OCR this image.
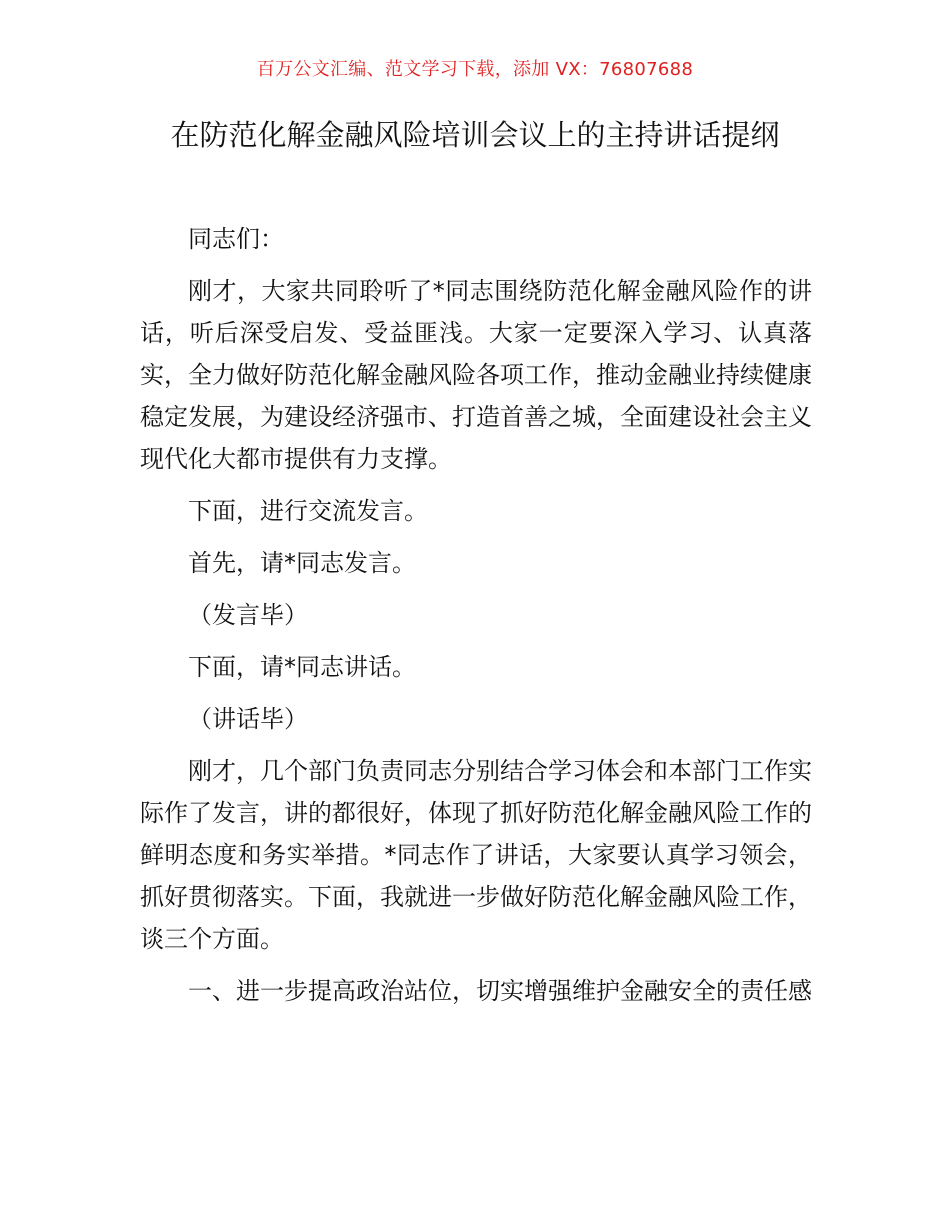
百万公文汇编、范文学习下载，添加 VX：76807688
在防范化解金融风险培训会议上的主持讲话提纲

同志们：

刚才，大家共同聆听了*同志围绕防范化解金融风险作的讲话，听后深受启发、受益匪浅。大家一定要深入学习、认真落实，全力做好防范化解金融风险各项工作，推动金融业持续健康稳定发展，为建设经济强市、打造首善之城，全面建设社会主义现代化大都市提供有力支撑。

下面，进行交流发言。

首先，请*同志发言。

（发言毕）

下面，请*同志讲话。

（讲话毕）

刚才，几个部门负责同志分别结合学习体会和本部门工作实际作了发言，讲的都很好，体现了抓好防范化解金融风险工作的鲜明态度和务实举措。*同志作了讲话，大家要认真学习领会，抓好贯彻落实。下面，我就进一步做好防范化解金融风险工作，谈三个方面。

一、进一步提高政治站位，切实增强维护金融安全的责任感
